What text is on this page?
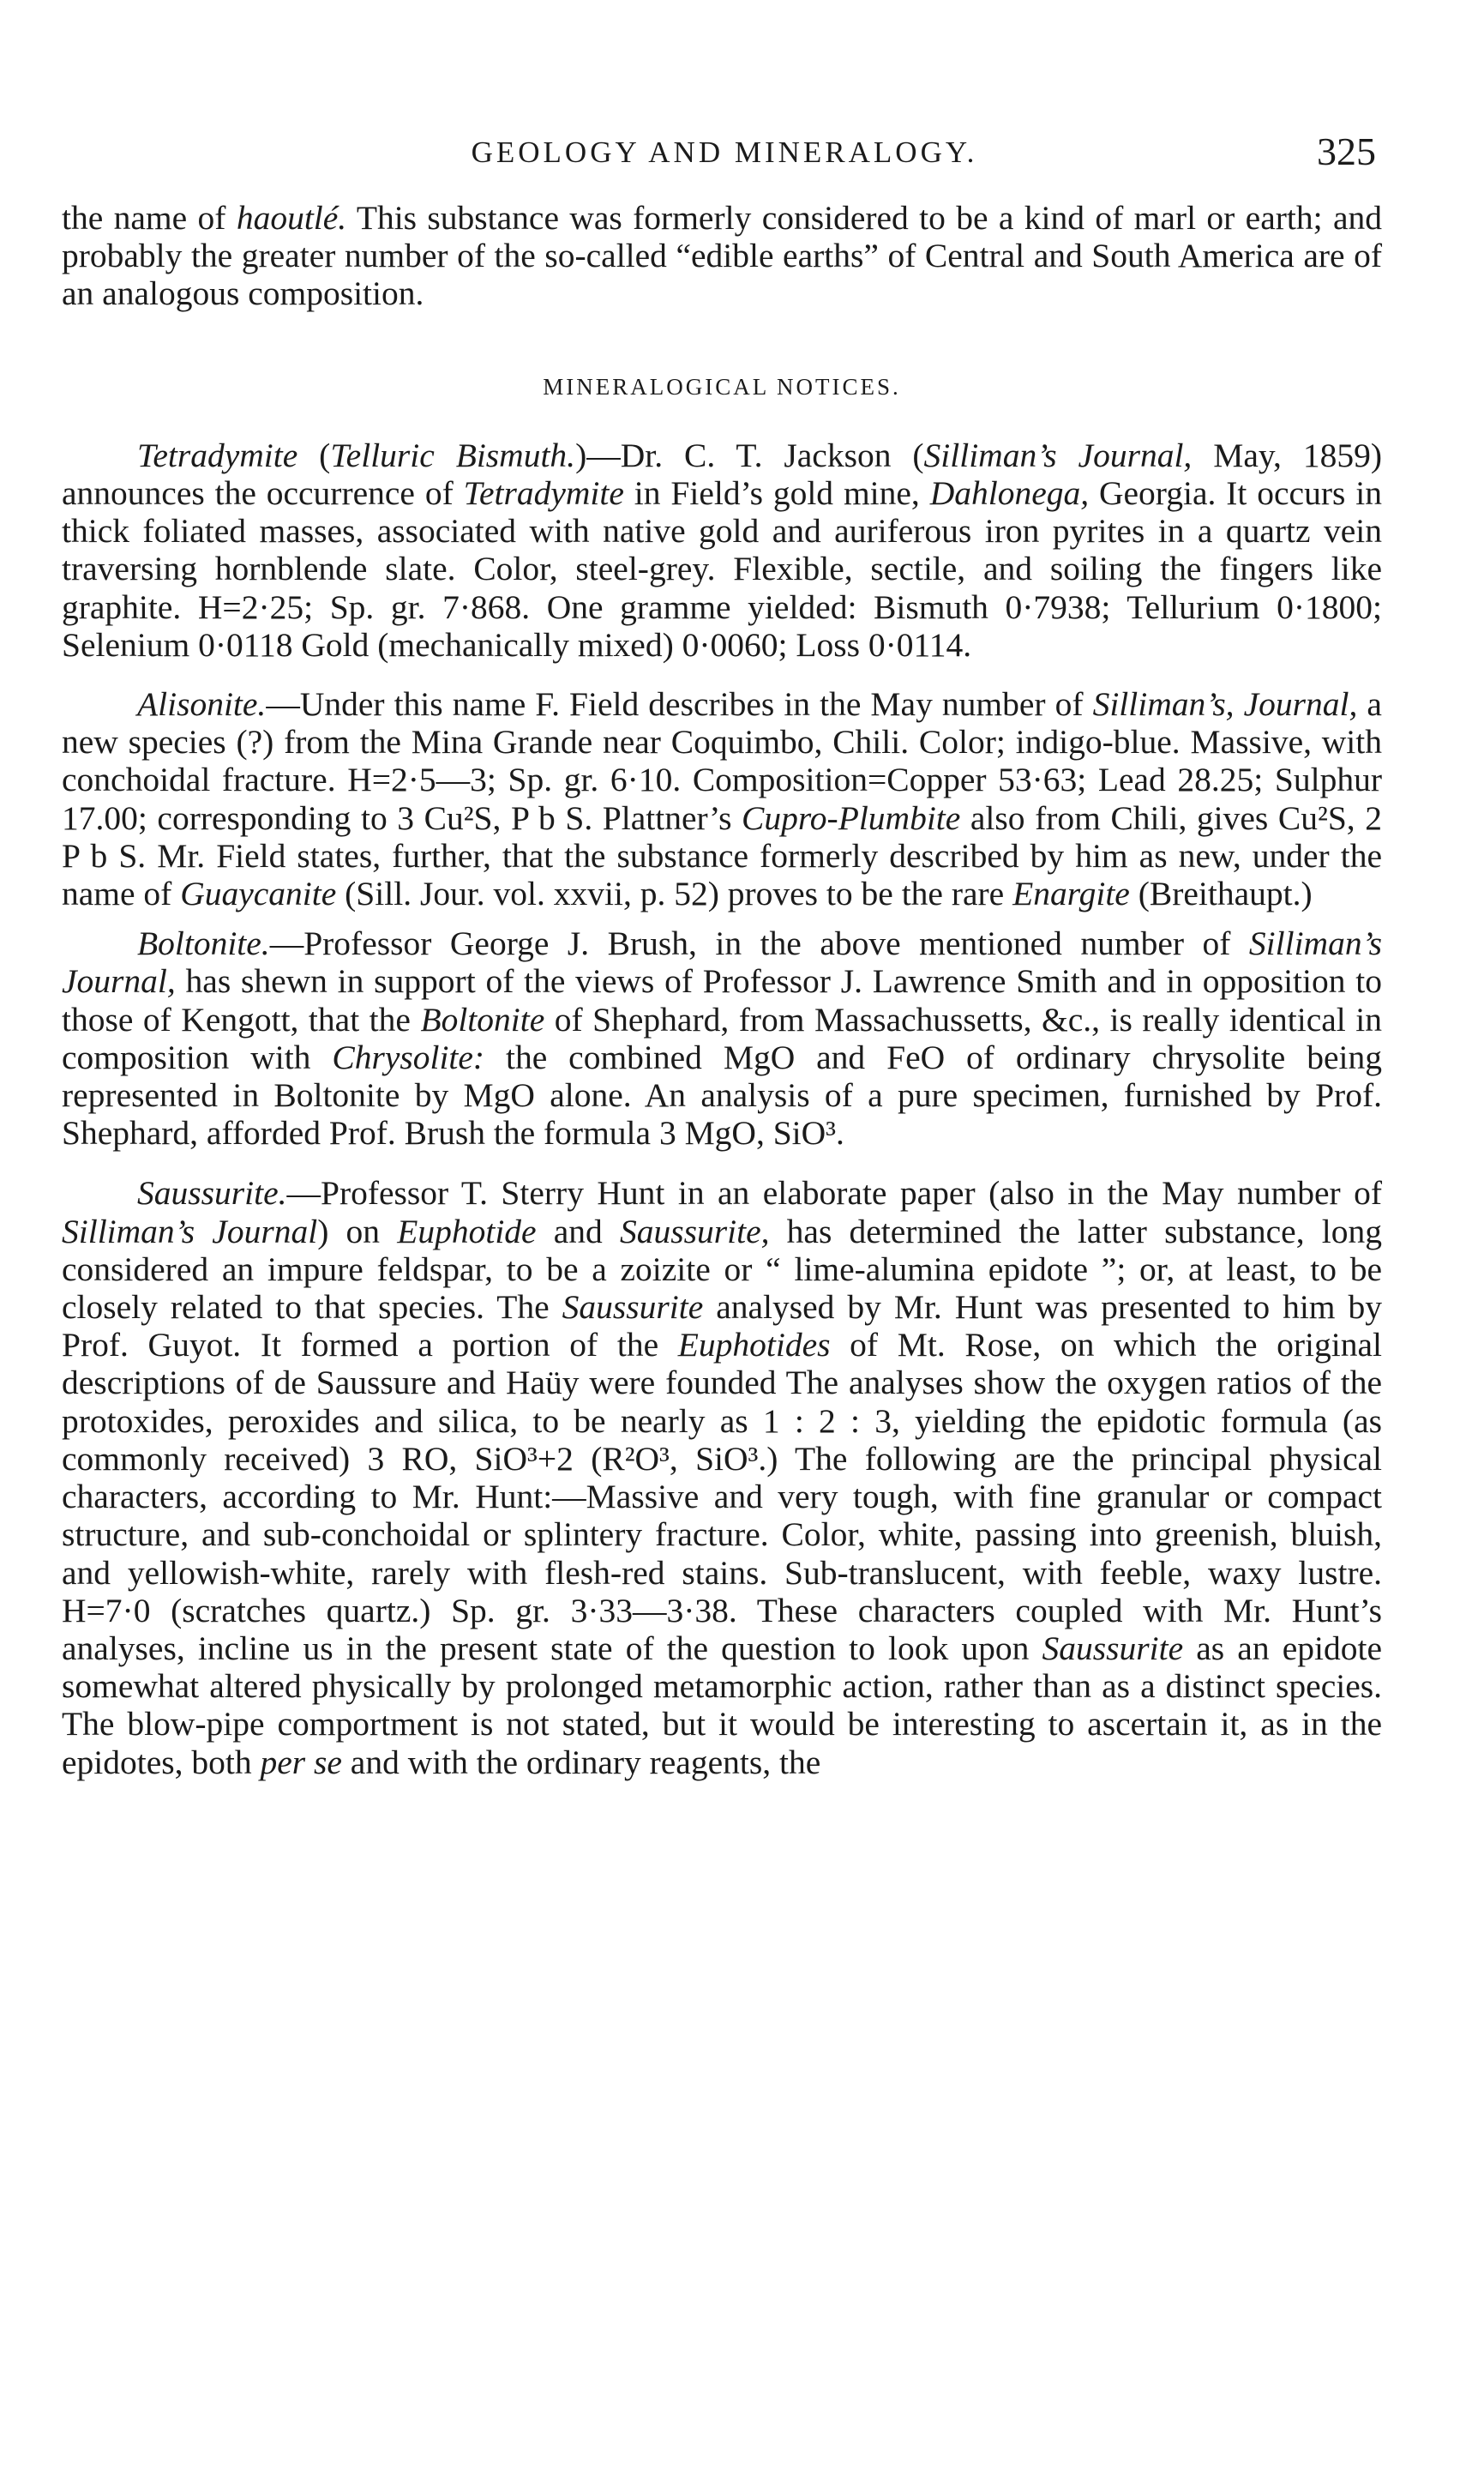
GEOLOGY AND MINERALOGY.	325

the name of haoutlé. This substance was formerly considered to be a kind of marl or earth; and probably the greater number of the so-called “edible earths” of Central and South America are of an analogous composition.

MINERALOGICAL NOTICES.

Tetradymite (Telluric Bismuth.)—Dr. C. T. Jackson (Silliman’s Journal, May, 1859) announces the occurrence of Tetradymite in Field’s gold mine, Dahlonega, Georgia. It occurs in thick foliated masses, associated with native gold and auriferous iron pyrites in a quartz vein traversing hornblende slate. Color, steel-grey. Flexible, sectile, and soiling the fingers like graphite. H=2·25; Sp. gr. 7·868. One gramme yielded: Bismuth 0·7938; Tellurium 0·1800; Selenium 0·0118 Gold (mechanically mixed) 0·0060; Loss 0·0114.

Alisonite.—Under this name F. Field describes in the May number of Silliman’s, Journal, a new species (?) from the Mina Grande near Coquimbo, Chili. Color; indigo-blue. Massive, with conchoidal fracture. H=2·5—3; Sp. gr. 6·10. Composition=Copper 53·63; Lead 28.25; Sulphur 17.00; corresponding to 3 Cu²S, P b S. Plattner’s Cupro-Plumbite also from Chili, gives Cu²S, 2 P b S. Mr. Field states, further, that the substance formerly described by him as new, under the name of Guaycanite (Sill. Jour. vol. xxvii, p. 52) proves to be the rare Enargite (Breithaupt.)

Boltonite.—Professor George J. Brush, in the above mentioned number of Silliman’s Journal, has shewn in support of the views of Professor J. Lawrence Smith and in opposition to those of Kengott, that the Boltonite of Shephard, from Massachussetts, &c., is really identical in composition with Chrysolite: the combined MgO and FeO of ordinary chrysolite being represented in Boltonite by MgO alone. An analysis of a pure specimen, furnished by Prof. Shephard, afforded Prof. Brush the formula 3 MgO, SiO³.

Saussurite.—Professor T. Sterry Hunt in an elaborate paper (also in the May number of Silliman’s Journal) on Euphotide and Saussurite, has determined the latter substance, long considered an impure feldspar, to be a zoizite or “ lime-alumina epidote ”; or, at least, to be closely related to that species. The Saussurite analysed by Mr. Hunt was presented to him by Prof. Guyot. It formed a portion of the Euphotides of Mt. Rose, on which the original descriptions of de Saussure and Haüy were founded The analyses show the oxygen ratios of the protoxides, peroxides and silica, to be nearly as 1 : 2 : 3, yielding the epidotic formula (as commonly received) 3 RO, SiO³+2 (R²O³, SiO³.) The following are the principal physical characters, according to Mr. Hunt:—Massive and very tough, with fine granular or compact structure, and sub-conchoidal or splintery fracture. Color, white, passing into greenish, bluish, and yellowish-white, rarely with flesh-red stains. Sub-translucent, with feeble, waxy lustre. H=7·0 (scratches quartz.) Sp. gr. 3·33—3·38. These characters coupled with Mr. Hunt’s analyses, incline us in the present state of the question to look upon Saussurite as an epidote somewhat altered physically by prolonged metamorphic action, rather than as a distinct species. The blow-pipe comportment is not stated, but it would be interesting to ascertain it, as in the epidotes, both per se and with the ordinary reagents, the
